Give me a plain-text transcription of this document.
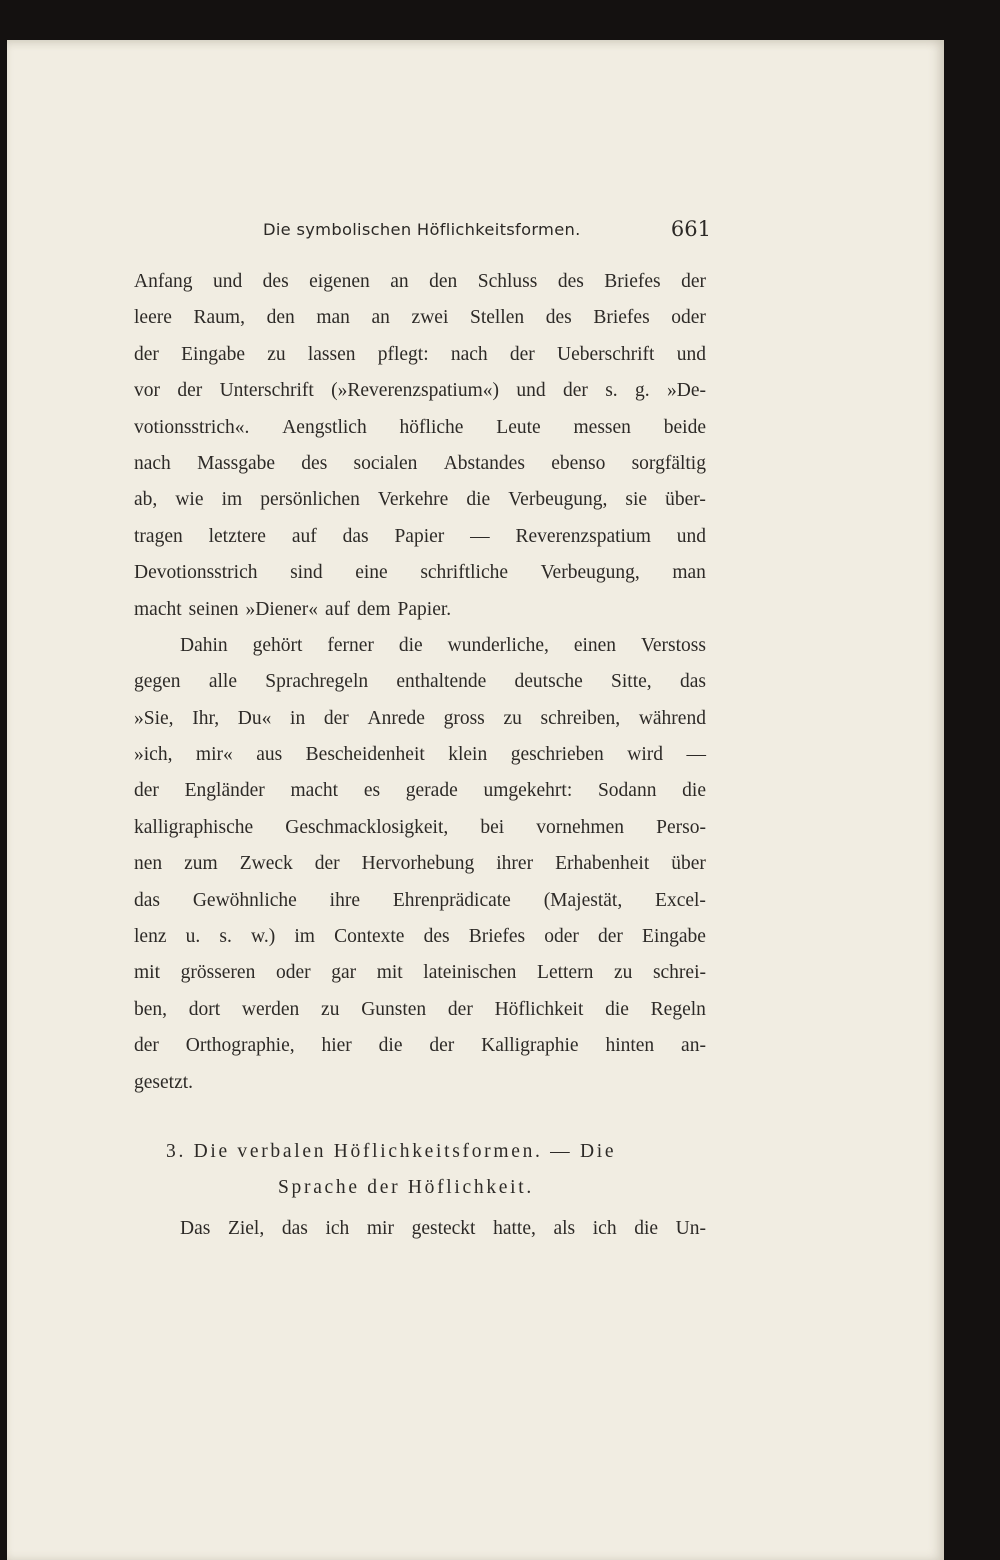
Die symbolischen Höflichkeitsformen.	661
Anfang und des eigenen an den Schluss des Briefes der
leere Raum, den man an zwei Stellen des Briefes oder
der Eingabe zu lassen pflegt: nach der Ueberschrift und
vor der Unterschrift (»Reverenzspatium«) und der s. g. »De-
votionsstrich«. Aengstlich höfliche Leute messen beide
nach Massgabe des socialen Abstandes ebenso sorgfältig
ab, wie im persönlichen Verkehre die Verbeugung, sie über-
tragen letztere auf das Papier — Reverenzspatium und
Devotionsstrich sind eine schriftliche Verbeugung, man
macht seinen »Diener« auf dem Papier.
Dahin gehört ferner die wunderliche, einen Verstoss
gegen alle Sprachregeln enthaltende deutsche Sitte, das
»Sie, Ihr, Du« in der Anrede gross zu schreiben, während
»ich, mir« aus Bescheidenheit klein geschrieben wird —
der Engländer macht es gerade umgekehrt: Sodann die
kalligraphische Geschmacklosigkeit, bei vornehmen Perso-
nen zum Zweck der Hervorhebung ihrer Erhabenheit über
das Gewöhnliche ihre Ehrenprädicate (Majestät, Excel-
lenz u. s. w.) im Contexte des Briefes oder der Eingabe
mit grösseren oder gar mit lateinischen Lettern zu schrei-
ben, dort werden zu Gunsten der Höflichkeit die Regeln
der Orthographie, hier die der Kalligraphie hinten an-
gesetzt.
3. Die verbalen Höflichkeitsformen. — Die
Sprache der Höflichkeit.
Das Ziel, das ich mir gesteckt hatte, als ich die Un-
